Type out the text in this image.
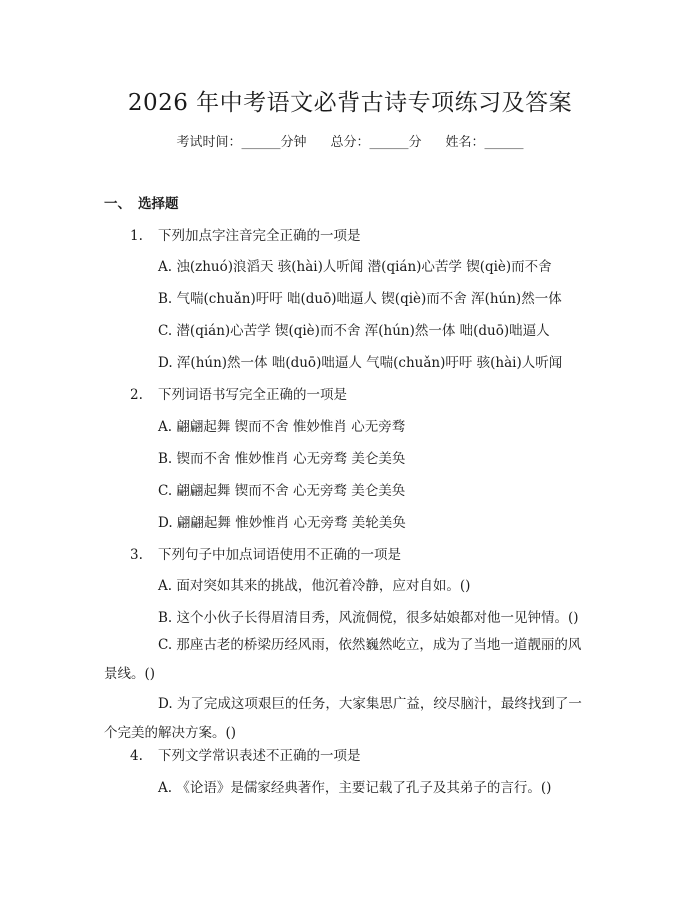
2026 年中考语文必背古诗专项练习及答案
考试时间：______分钟 总分：______分 姓名：______
一、 选择题
1. 下列加点字注音完全正确的一项是
A. 浊(zhuó)浪滔天 骇(hài)人听闻 潜(qián)心苦学 锲(qiè)而不舍
B. 气喘(chuǎn)吁吁 咄(duō)咄逼人 锲(qiè)而不舍 浑(hún)然一体
C. 潜(qián)心苦学 锲(qiè)而不舍 浑(hún)然一体 咄(duō)咄逼人
D. 浑(hún)然一体 咄(duō)咄逼人 气喘(chuǎn)吁吁 骇(hài)人听闻
2. 下列词语书写完全正确的一项是
A. 翩翩起舞 锲而不舍 惟妙惟肖 心无旁骛
B. 锲而不舍 惟妙惟肖 心无旁骛 美仑美奂
C. 翩翩起舞 锲而不舍 心无旁骛 美仑美奂
D. 翩翩起舞 惟妙惟肖 心无旁骛 美轮美奂
3. 下列句子中加点词语使用不正确的一项是
A. 面对突如其来的挑战，他沉着冷静，应对自如。()
B. 这个小伙子长得眉清目秀，风流倜傥，很多姑娘都对他一见钟情。()
C. 那座古老的桥梁历经风雨，依然巍然屹立，成为了当地一道靓丽的风景线。()
D. 为了完成这项艰巨的任务，大家集思广益，绞尽脑汁，最终找到了一个完美的解决方案。()
4. 下列文学常识表述不正确的一项是
A. 《论语》是儒家经典著作，主要记载了孔子及其弟子的言行。()
